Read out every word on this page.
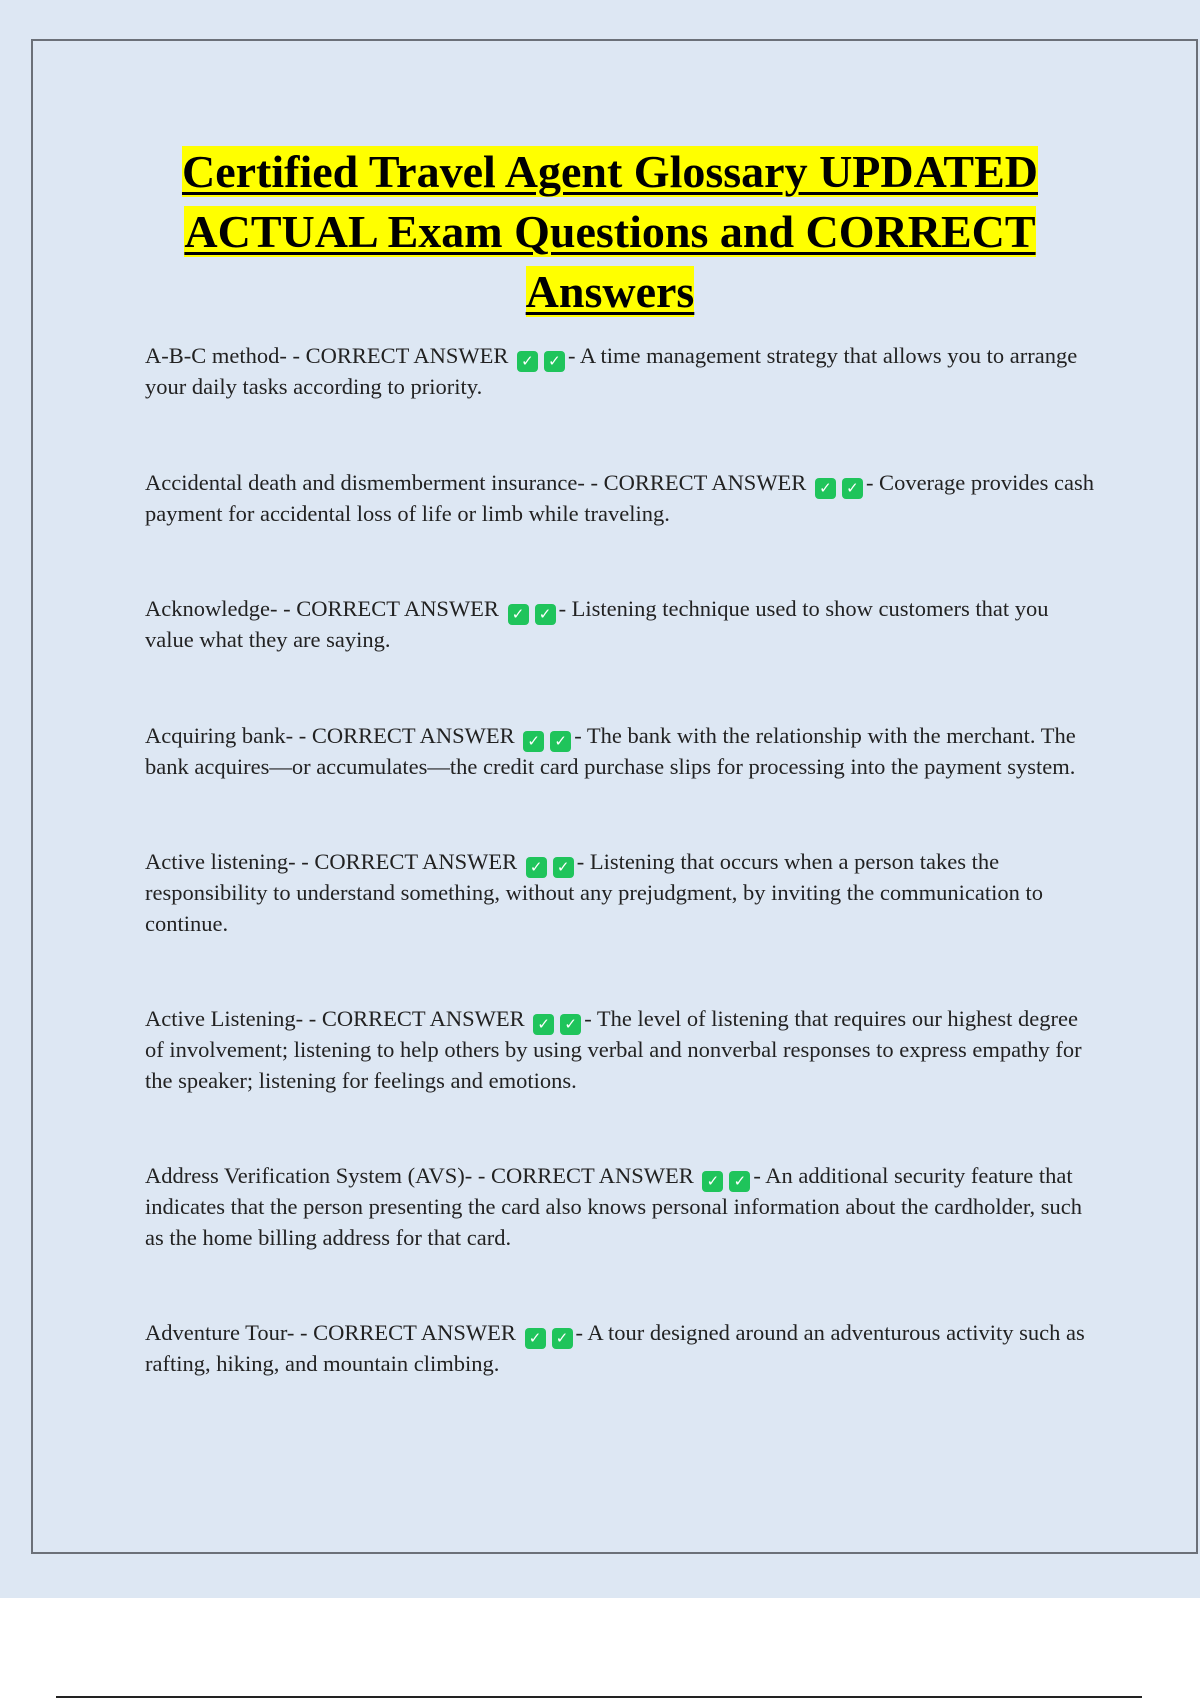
Certified Travel Agent Glossary UPDATED
ACTUAL Exam Questions and CORRECT
Answers

A-B-C method- - CORRECT ANSWER ✓ ✓ - A time management strategy that allows you to arrange your daily tasks according to priority.

Accidental death and dismemberment insurance- - CORRECT ANSWER ✓ ✓ - Coverage provides cash payment for accidental loss of life or limb while traveling.

Acknowledge- - CORRECT ANSWER ✓ ✓ - Listening technique used to show customers that you value what they are saying.

Acquiring bank- - CORRECT ANSWER ✓ ✓ - The bank with the relationship with the merchant. The bank acquires—or accumulates—the credit card purchase slips for processing into the payment system.

Active listening- - CORRECT ANSWER ✓ ✓ - Listening that occurs when a person takes the responsibility to understand something, without any prejudgment, by inviting the communication to continue.

Active Listening- - CORRECT ANSWER ✓ ✓ - The level of listening that requires our highest degree of involvement; listening to help others by using verbal and nonverbal responses to express empathy for the speaker; listening for feelings and emotions.

Address Verification System (AVS)- - CORRECT ANSWER ✓ ✓ - An additional security feature that indicates that the person presenting the card also knows personal information about the cardholder, such as the home billing address for that card.

Adventure Tour- - CORRECT ANSWER ✓ ✓ - A tour designed around an adventurous activity such as rafting, hiking, and mountain climbing.
